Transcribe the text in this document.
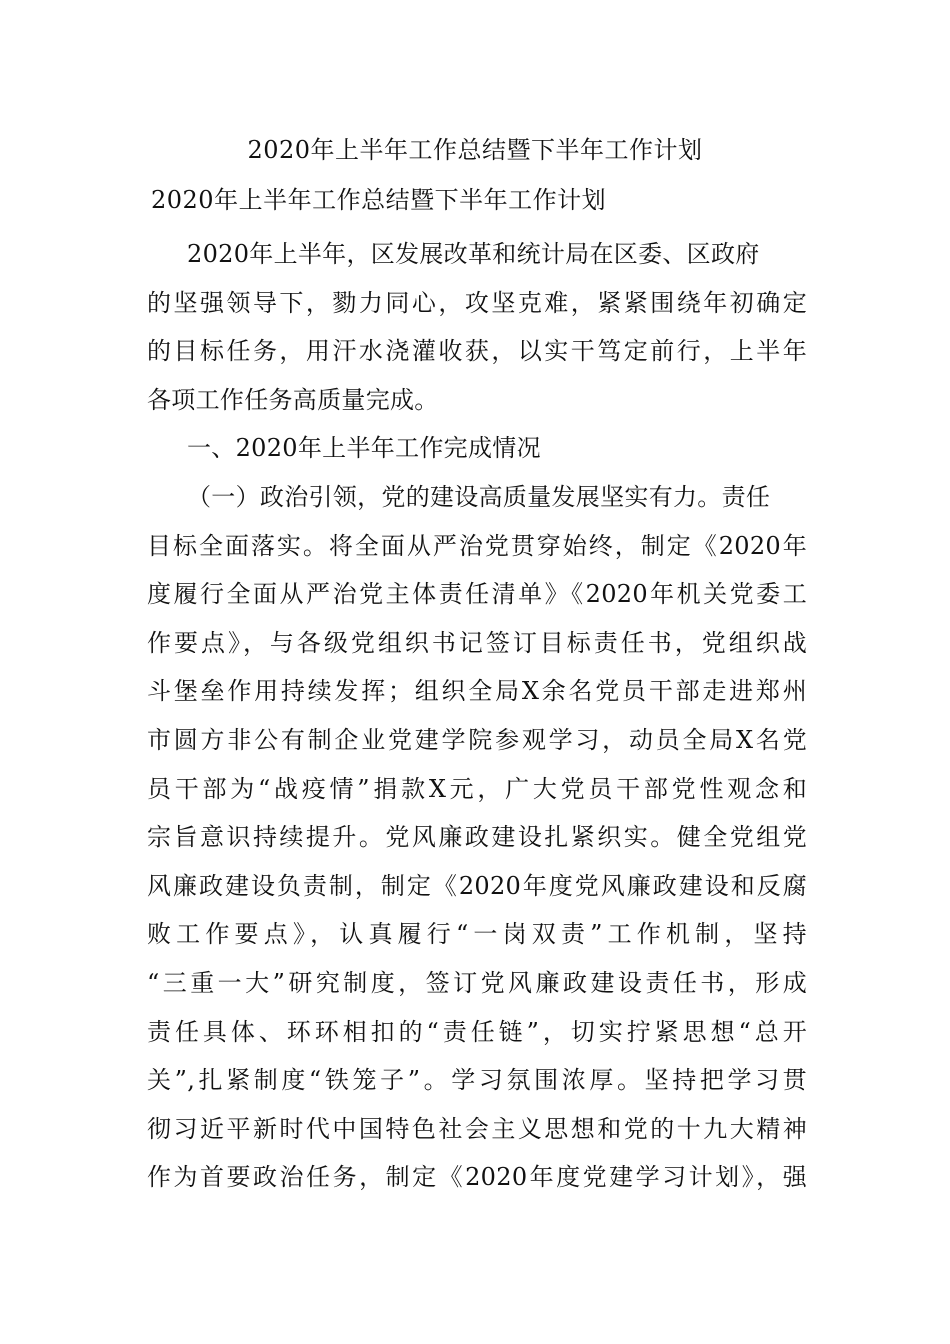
2020年上半年工作总结暨下半年工作计划
2020年上半年工作总结暨下半年工作计划
2020年上半年，区发展改革和统计局在区委、区政府
的坚强领导下，勠力同心，攻坚克难，紧紧围绕年初确定
的目标任务，用汗水浇灌收获，以实干笃定前行，上半年
各项工作任务高质量完成。
一、2020年上半年工作完成情况
（一）政治引领，党的建设高质量发展坚实有力。责任
目标全面落实。将全面从严治党贯穿始终，制定《2020年
度履行全面从严治党主体责任清单》《2020年机关党委工
作要点》，与各级党组织书记签订目标责任书，党组织战
斗堡垒作用持续发挥；组织全局X余名党员干部走进郑州
市圆方非公有制企业党建学院参观学习，动员全局X名党
员干部为“战疫情”捐款X元，广大党员干部党性观念和
宗旨意识持续提升。党风廉政建设扎紧织实。健全党组党
风廉政建设负责制，制定《2020年度党风廉政建设和反腐
败工作要点》，认真履行“一岗双责”工作机制，坚持
“三重一大”研究制度，签订党风廉政建设责任书，形成
责任具体、环环相扣的“责任链”，切实拧紧思想“总开
关”,扎紧制度“铁笼子”。学习氛围浓厚。坚持把学习贯
彻习近平新时代中国特色社会主义思想和党的十九大精神
作为首要政治任务，制定《2020年度党建学习计划》，强
